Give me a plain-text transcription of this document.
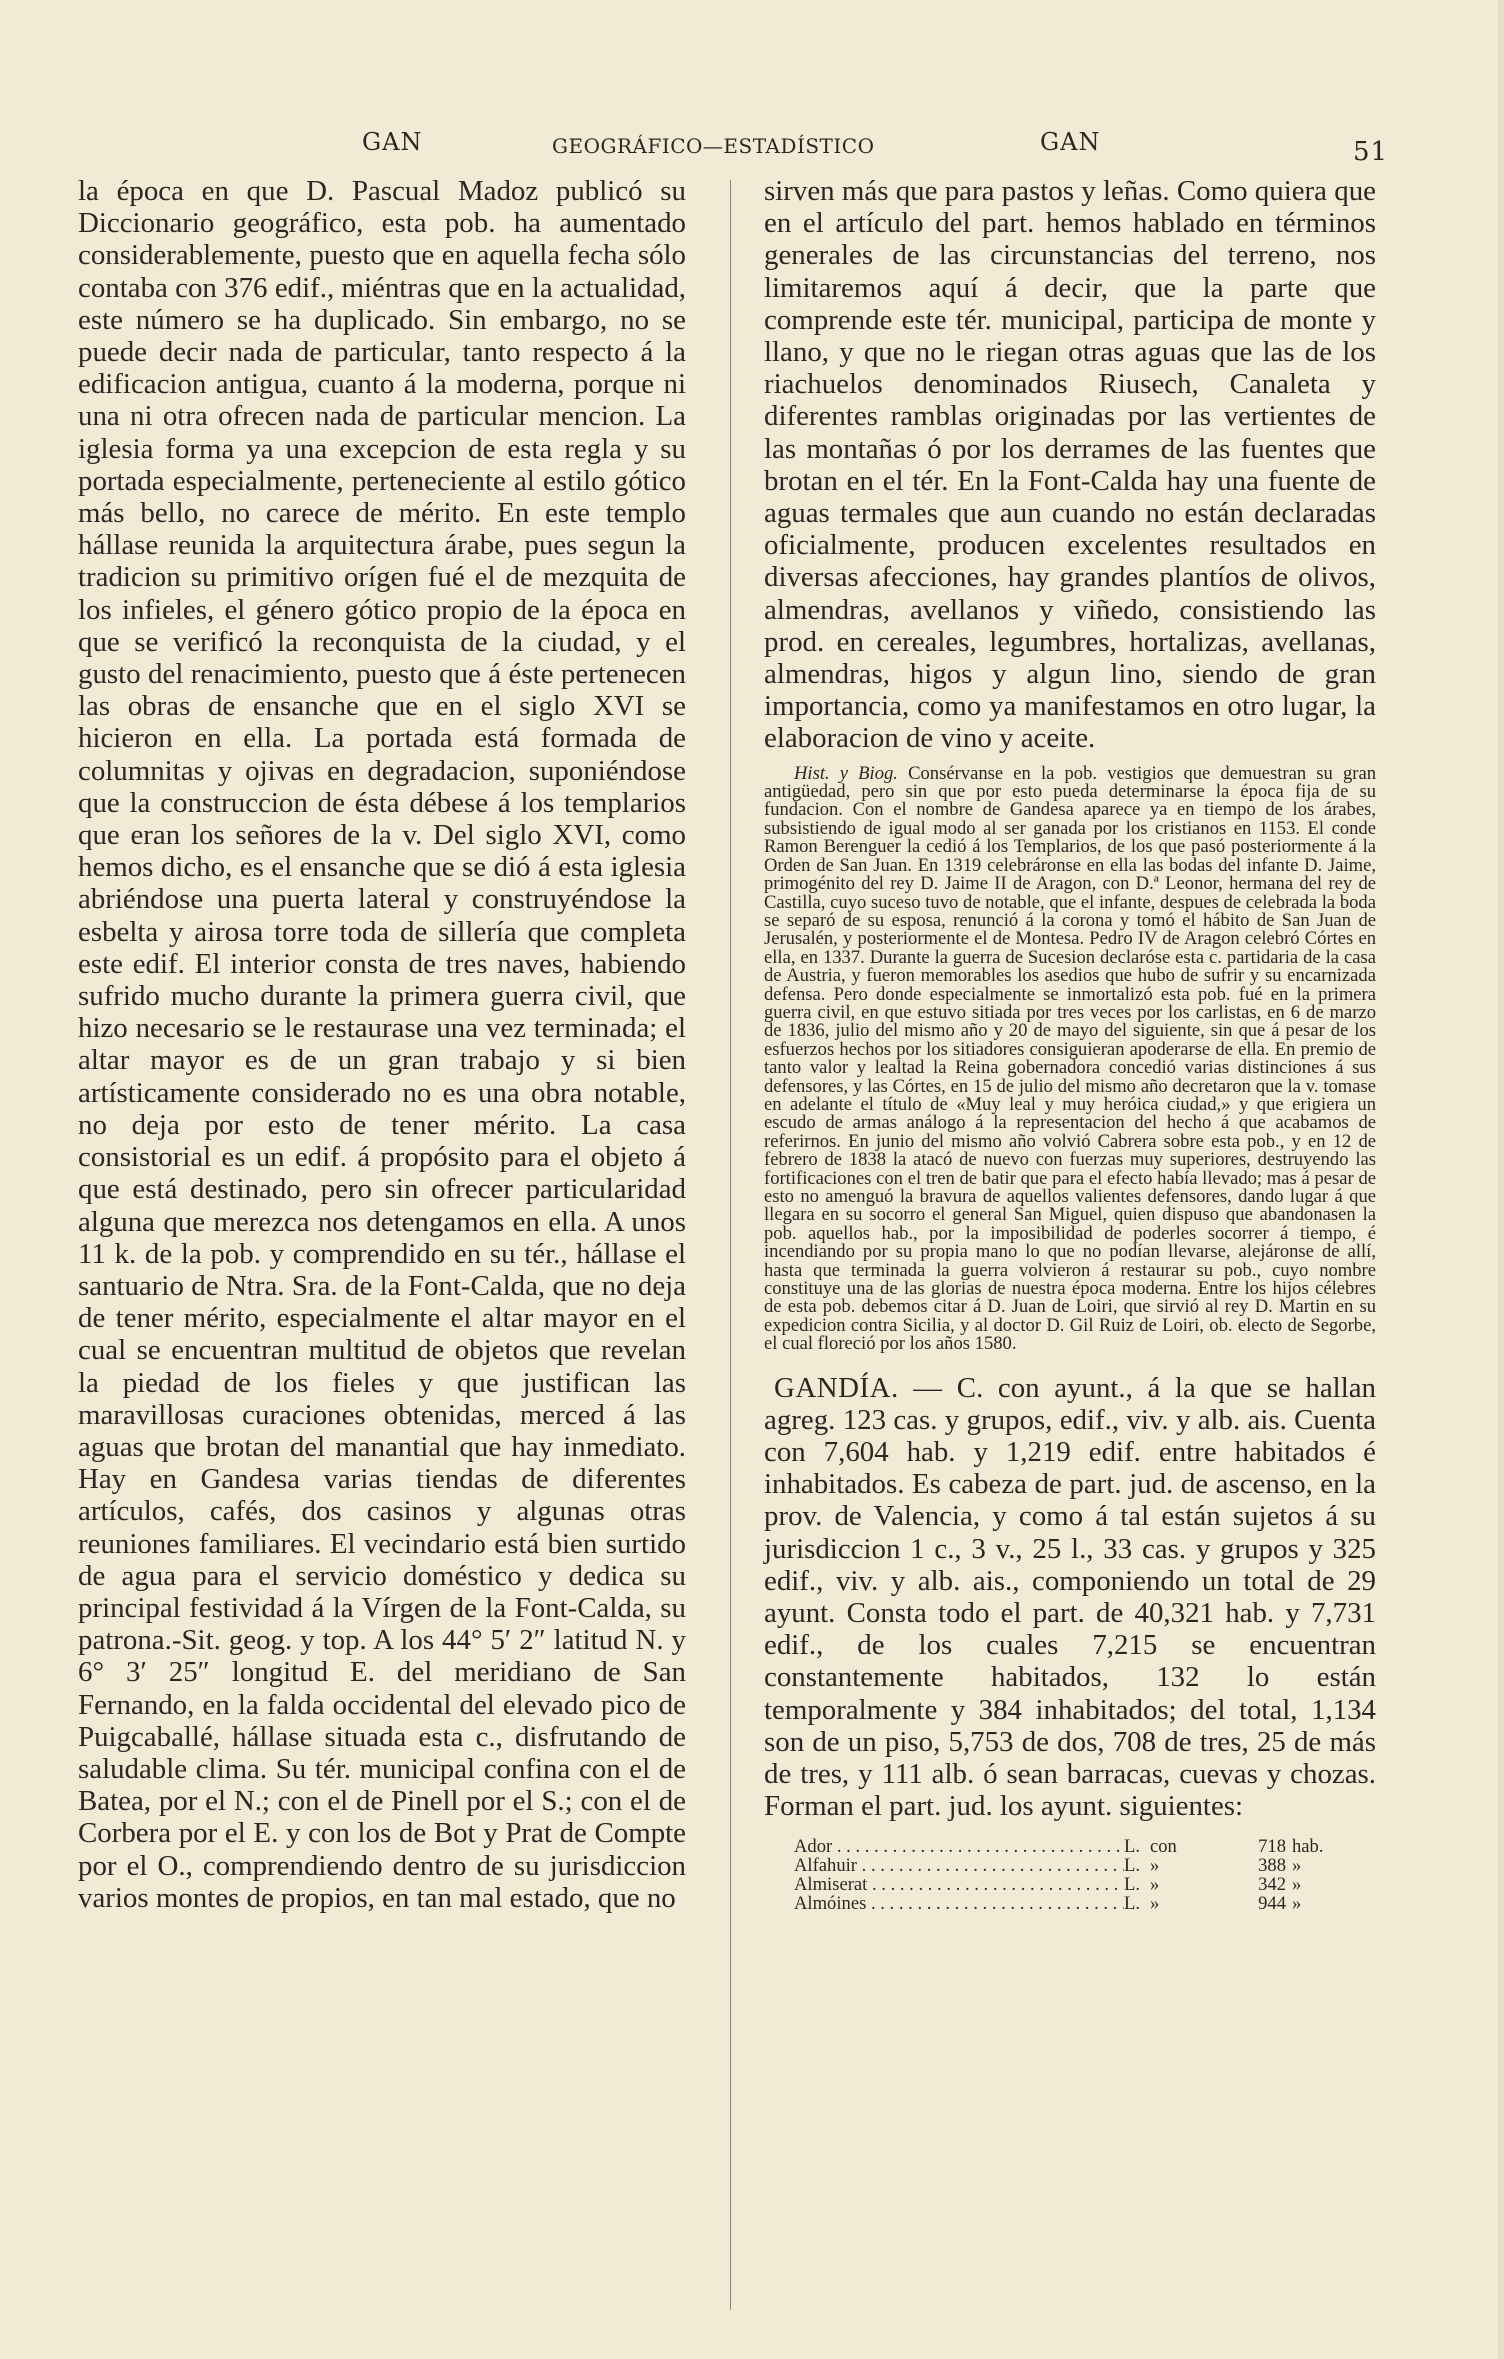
GAN	GEOGRÁFICO—ESTADÍSTICO	GAN	51

la época en que D. Pascual Madoz publicó su Diccionario geográfico, esta pob. ha aumentado considerablemente, puesto que en aquella fecha sólo contaba con 376 edif., miéntras que en la actualidad, este número se ha duplicado. Sin embargo, no se puede decir nada de particular, tanto respecto á la edificacion antigua, cuanto á la moderna, porque ni una ni otra ofrecen nada de particular mencion. La iglesia forma ya una excepcion de esta regla y su portada especialmente, perteneciente al estilo gótico más bello, no carece de mérito. En este templo hállase reunida la arquitectura árabe, pues segun la tradicion su primitivo orígen fué el de mezquita de los infieles, el género gótico propio de la época en que se verificó la reconquista de la ciudad, y el gusto del renacimiento, puesto que á éste pertenecen las obras de ensanche que en el siglo XVI se hicieron en ella. La portada está formada de columnitas y ojivas en degradacion, suponiéndose que la construccion de ésta débese á los templarios que eran los señores de la v. Del siglo XVI, como hemos dicho, es el ensanche que se dió á esta iglesia abriéndose una puerta lateral y construyéndose la esbelta y airosa torre toda de sillería que completa este edif. El interior consta de tres naves, habiendo sufrido mucho durante la primera guerra civil, que hizo necesario se le restaurase una vez terminada; el altar mayor es de un gran trabajo y si bien artísticamente considerado no es una obra notable, no deja por esto de tener mérito. La casa consistorial es un edif. á propósito para el objeto á que está destinado, pero sin ofrecer particularidad alguna que merezca nos detengamos en ella. A unos 11 k. de la pob. y comprendido en su tér., hállase el santuario de Ntra. Sra. de la Font-Calda, que no deja de tener mérito, especialmente el altar mayor en el cual se encuentran multitud de objetos que revelan la piedad de los fieles y que justifican las maravillosas curaciones obtenidas, merced á las aguas que brotan del manantial que hay inmediato. Hay en Gandesa varias tiendas de diferentes artículos, cafés, dos casinos y algunas otras reuniones familiares. El vecindario está bien surtido de agua para el servicio doméstico y dedica su principal festividad á la Vírgen de la Font-Calda, su patrona.-Sit. geog. y top. A los 44° 5′ 2″ latitud N. y 6° 3′ 25″ longitud E. del meridiano de San Fernando, en la falda occidental del elevado pico de Puigcaballé, hállase situada esta c., disfrutando de saludable clima. Su tér. municipal confina con el de Batea, por el N.; con el de Pinell por el S.; con el de Corbera por el E. y con los de Bot y Prat de Compte por el O., comprendiendo dentro de su jurisdiccion varios montes de propios, en tan mal estado, que no

sirven más que para pastos y leñas. Como quiera que en el artículo del part. hemos hablado en términos generales de las circunstancias del terreno, nos limitaremos aquí á decir, que la parte que comprende este tér. municipal, participa de monte y llano, y que no le riegan otras aguas que las de los riachuelos denominados Riusech, Canaleta y diferentes ramblas originadas por las vertientes de las montañas ó por los derrames de las fuentes que brotan en el tér. En la Font-Calda hay una fuente de aguas termales que aun cuando no están declaradas oficialmente, producen excelentes resultados en diversas afecciones, hay grandes plantíos de olivos, almendras, avellanos y viñedo, consistiendo las prod. en cereales, legumbres, hortalizas, avellanas, almendras, higos y algun lino, siendo de gran importancia, como ya manifestamos en otro lugar, la elaboracion de vino y aceite.

Hist. y Biog. Consérvanse en la pob. vestigios que demuestran su gran antigüedad, pero sin que por esto pueda determinarse la época fija de su fundacion. Con el nombre de Gandesa aparece ya en tiempo de los árabes, subsistiendo de igual modo al ser ganada por los cristianos en 1153. El conde Ramon Berenguer la cedió á los Templarios, de los que pasó posteriormente á la Orden de San Juan. En 1319 celebráronse en ella las bodas del infante D. Jaime, primogénito del rey D. Jaime II de Aragon, con D.ª Leonor, hermana del rey de Castilla, cuyo suceso tuvo de notable, que el infante, despues de celebrada la boda se separó de su esposa, renunció á la corona y tomó el hábito de San Juan de Jerusalén, y posteriormente el de Montesa. Pedro IV de Aragon celebró Córtes en ella, en 1337. Durante la guerra de Sucesion declaróse esta c. partidaria de la casa de Austria, y fueron memorables los asedios que hubo de sufrir y su encarnizada defensa. Pero donde especialmente se inmortalizó esta pob. fué en la primera guerra civil, en que estuvo sitiada por tres veces por los carlistas, en 6 de marzo de 1836, julio del mismo año y 20 de mayo del siguiente, sin que á pesar de los esfuerzos hechos por los sitiadores consiguieran apoderarse de ella. En premio de tanto valor y lealtad la Reina gobernadora concedió varias distinciones á sus defensores, y las Córtes, en 15 de julio del mismo año decretaron que la v. tomase en adelante el título de «Muy leal y muy heróica ciudad,» y que erigiera un escudo de armas análogo á la representacion del hecho á que acabamos de referirnos. En junio del mismo año volvió Cabrera sobre esta pob., y en 12 de febrero de 1838 la atacó de nuevo con fuerzas muy superiores, destruyendo las fortificaciones con el tren de batir que para el efecto había llevado; mas á pesar de esto no amenguó la bravura de aquellos valientes defensores, dando lugar á que llegara en su socorro el general San Miguel, quien dispuso que abandonasen la pob. aquellos hab., por la imposibilidad de poderles socorrer á tiempo, é incendiando por su propia mano lo que no podían llevarse, alejáronse de allí, hasta que terminada la guerra volvieron á restaurar su pob., cuyo nombre constituye una de las glorias de nuestra época moderna. Entre los hijos célebres de esta pob. debemos citar á D. Juan de Loiri, que sirvió al rey D. Martin en su expedicion contra Sicilia, y al doctor D. Gil Ruiz de Loiri, ob. electo de Segorbe, el cual floreció por los años 1580.

GANDÍA. — C. con ayunt., á la que se hallan agreg. 123 cas. y grupos, edif., viv. y alb. ais. Cuenta con 7,604 hab. y 1,219 edif. entre habitados é inhabitados. Es cabeza de part. jud. de ascenso, en la prov. de Valencia, y como á tal están sujetos á su jurisdiccion 1 c., 3 v., 25 l., 33 cas. y grupos y 325 edif., viv. y alb. ais., componiendo un total de 29 ayunt. Consta todo el part. de 40,321 hab. y 7,731 edif., de los cuales 7,215 se encuentran constantemente habitados, 132 lo están temporalmente y 384 inhabitados; del total, 1,134 son de un piso, 5,753 de dos, 708 de tres, 25 de más de tres, y 111 alb. ó sean barracas, cuevas y chozas. Forman el part. jud. los ayunt. siguientes:

Ador . . .	L. con	718 hab.
Alfahuir . . .	L. »	388 »
Almiserat . . .	L. »	342 »
Almóines . . .	L. »	944 »
